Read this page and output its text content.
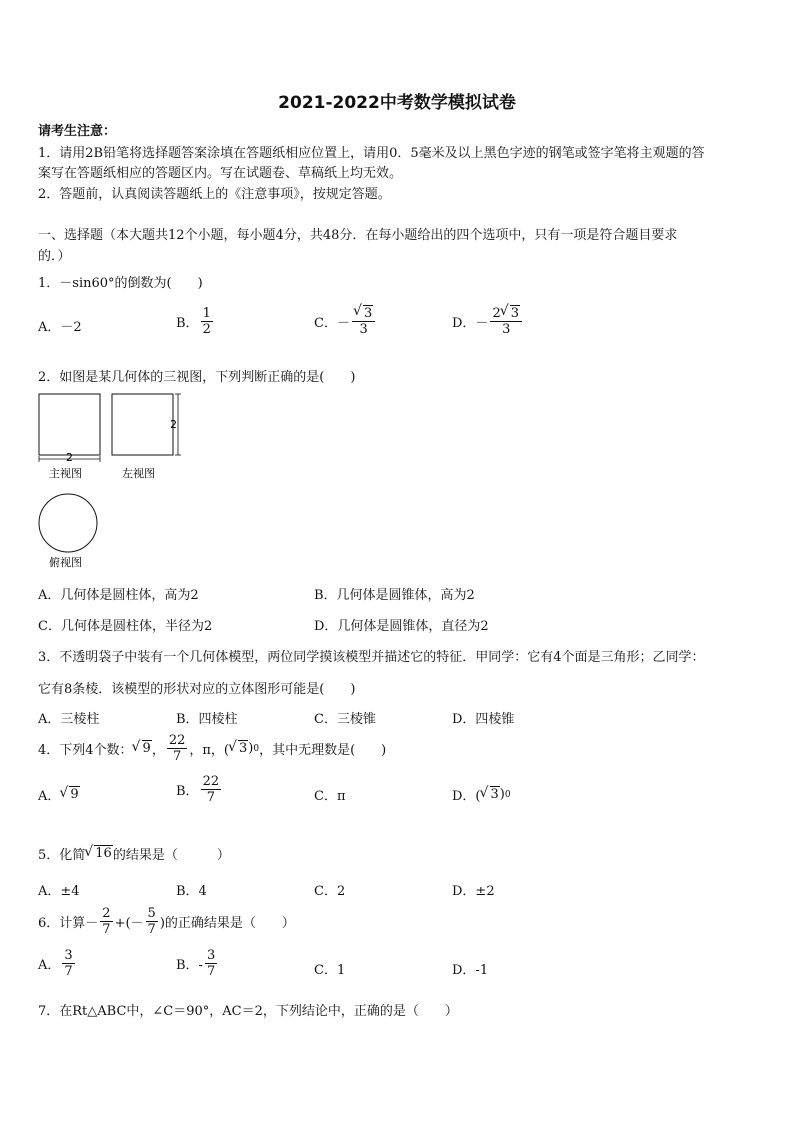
2021-2022中考数学模拟试卷
请考生注意：
1．请用2B铅笔将选择题答案涂填在答题纸相应位置上，请用0．5毫米及以上黑色字迹的钢笔或签字笔将主观题的答
案写在答题纸相应的答题区内。写在试题卷、草稿纸上均无效。
2．答题前，认真阅读答题纸上的《注意事项》，按规定答题。
一、选择题（本大题共12个小题，每小题4分，共48分．在每小题给出的四个选项中，只有一项是符合题目要求
的．）
1．－sin60°的倒数为(　　)
A．－2	B． $\frac{1}{2}$	C．－ √ $\frac{3}{3}$	D．－ $\frac{2 √ 3}{3}$
2．如图是某几何体的三视图，下列判断正确的是(　　)
2
主视图
2
左视图
俯视图
A．几何体是圆柱体，高为2	B．几何体是圆锥体，高为2
C．几何体是圆柱体，半径为2	D．几何体是圆锥体，直径为2
3．不透明袋子中装有一个几何体模型，两位同学摸该模型并描述它的特征．甲同学：它有4个面是三角形；乙同学：
它有8条棱．该模型的形状对应的立体图形可能是(　　)
A．三棱柱	B．四棱柱	C．三棱锥	D．四棱锥
4．下列4个数： √ 9 ， $\frac{22}{7}$ ，π，( √ 3 ) 0 ，其中无理数是(　　)
A． √ 9	B． $\frac{22}{7}$	C．π	D．( √ 3 ) 0
5．化简 √ 16 的结果是（　　　）
A．±4	B．4	C．2	D．±2
6．计算－ $\frac{2}{7}$ +(－ $\frac{5}{7}$ )的正确结果是（　　）
A． $\frac{3}{7}$	B．- $\frac{3}{7}$	C．1	D．-1
7．在Rt△ABC中，∠C＝90°，AC＝2，下列结论中，正确的是（　　）
